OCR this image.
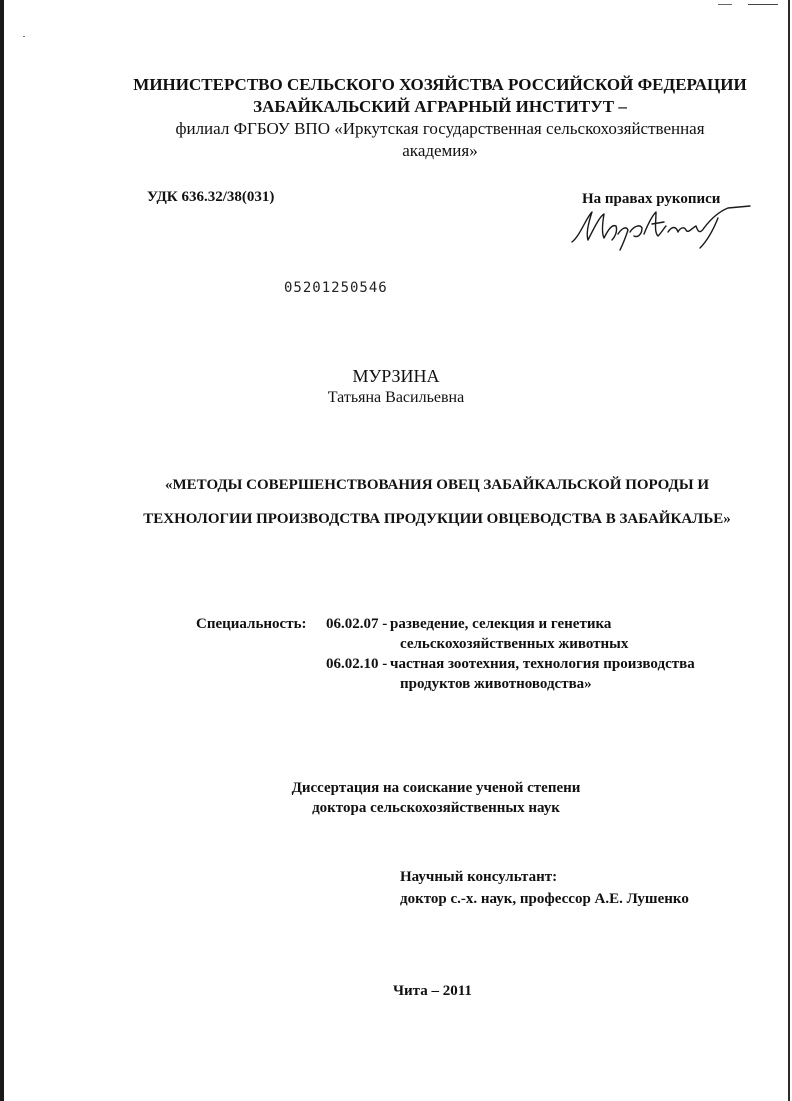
МИНИСТЕРСТВО СЕЛЬСКОГО ХОЗЯЙСТВА РОССИЙСКОЙ ФЕДЕРАЦИИ
ЗАБАЙКАЛЬСКИЙ АГРАРНЫЙ ИНСТИТУТ –
филиал ФГБОУ ВПО «Иркутская государственная сельскохозяйственная
академия»
УДК 636.32/38(031)	На правах рукописи
05201250546
МУРЗИНА
Татьяна Васильевна
«МЕТОДЫ СОВЕРШЕНСТВОВАНИЯ ОВЕЦ ЗАБАЙКАЛЬСКОЙ ПОРОДЫ И
ТЕХНОЛОГИИ ПРОИЗВОДСТВА ПРОДУКЦИИ ОВЦЕВОДСТВА В ЗАБАЙКАЛЬЕ»
Специальность: 06.02.07 - разведение, селекция и генетика
сельскохозяйственных животных
06.02.10 - частная зоотехния, технология производства
продуктов животноводства»
Диссертация на соискание ученой степени
доктора сельскохозяйственных наук
Научный консультант:
доктор с.-х. наук, профессор А.Е. Лушенко
Чита – 2011
